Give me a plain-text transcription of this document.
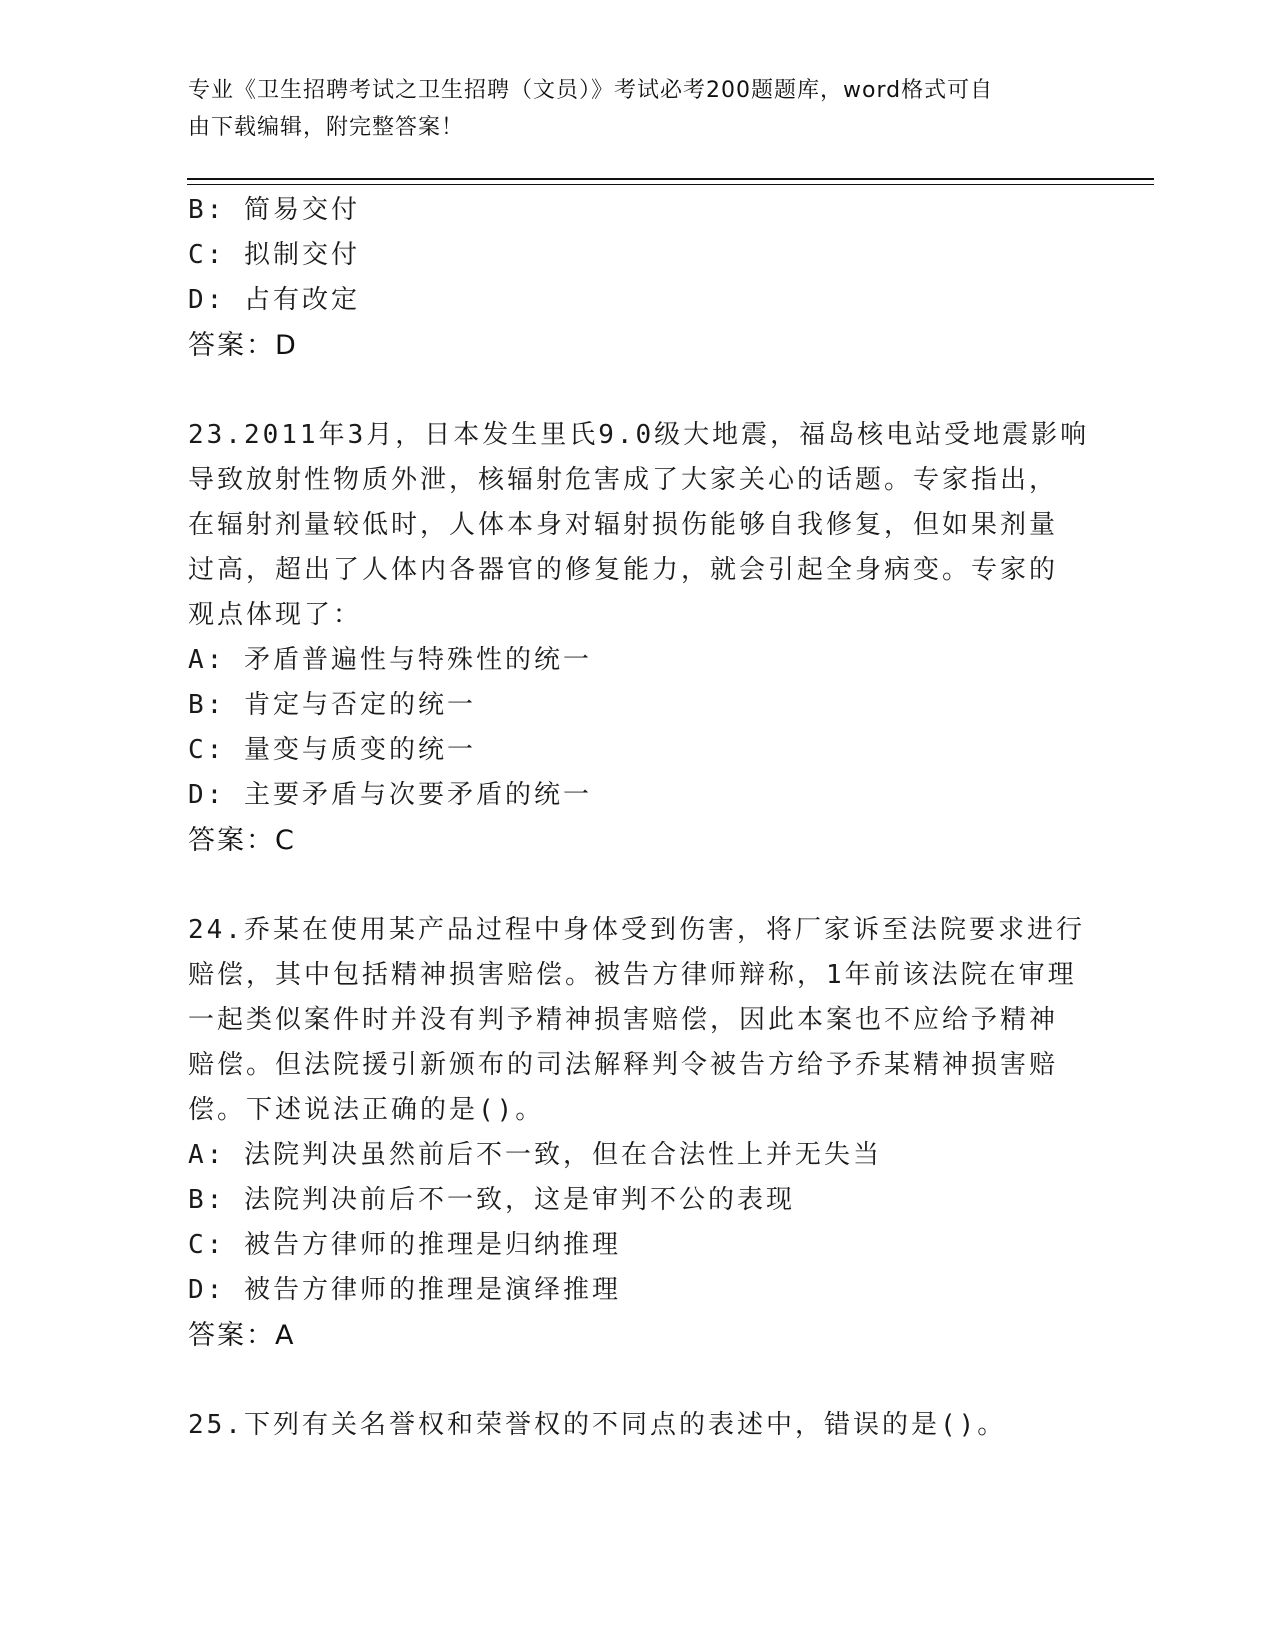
专业《卫生招聘考试之卫生招聘（文员）》考试必考200题题库，word格式可自
由下载编辑，附完整答案！
B: 简易交付
C: 拟制交付
D: 占有改定
答案：D
23.2011年3月，日本发生里氏9.0级大地震，福岛核电站受地震影响
导致放射性物质外泄，核辐射危害成了大家关心的话题。专家指出，
在辐射剂量较低时，人体本身对辐射损伤能够自我修复，但如果剂量
过高，超出了人体内各器官的修复能力，就会引起全身病变。专家的
观点体现了：
A: 矛盾普遍性与特殊性的统一
B: 肯定与否定的统一
C: 量变与质变的统一
D: 主要矛盾与次要矛盾的统一
答案：C
24.乔某在使用某产品过程中身体受到伤害，将厂家诉至法院要求进行
赔偿，其中包括精神损害赔偿。被告方律师辩称，1年前该法院在审理
一起类似案件时并没有判予精神损害赔偿，因此本案也不应给予精神
赔偿。但法院援引新颁布的司法解释判令被告方给予乔某精神损害赔
偿。下述说法正确的是()。
A: 法院判决虽然前后不一致，但在合法性上并无失当
B: 法院判决前后不一致，这是审判不公的表现
C: 被告方律师的推理是归纳推理
D: 被告方律师的推理是演绎推理
答案：A
25.下列有关名誉权和荣誉权的不同点的表述中，错误的是()。
